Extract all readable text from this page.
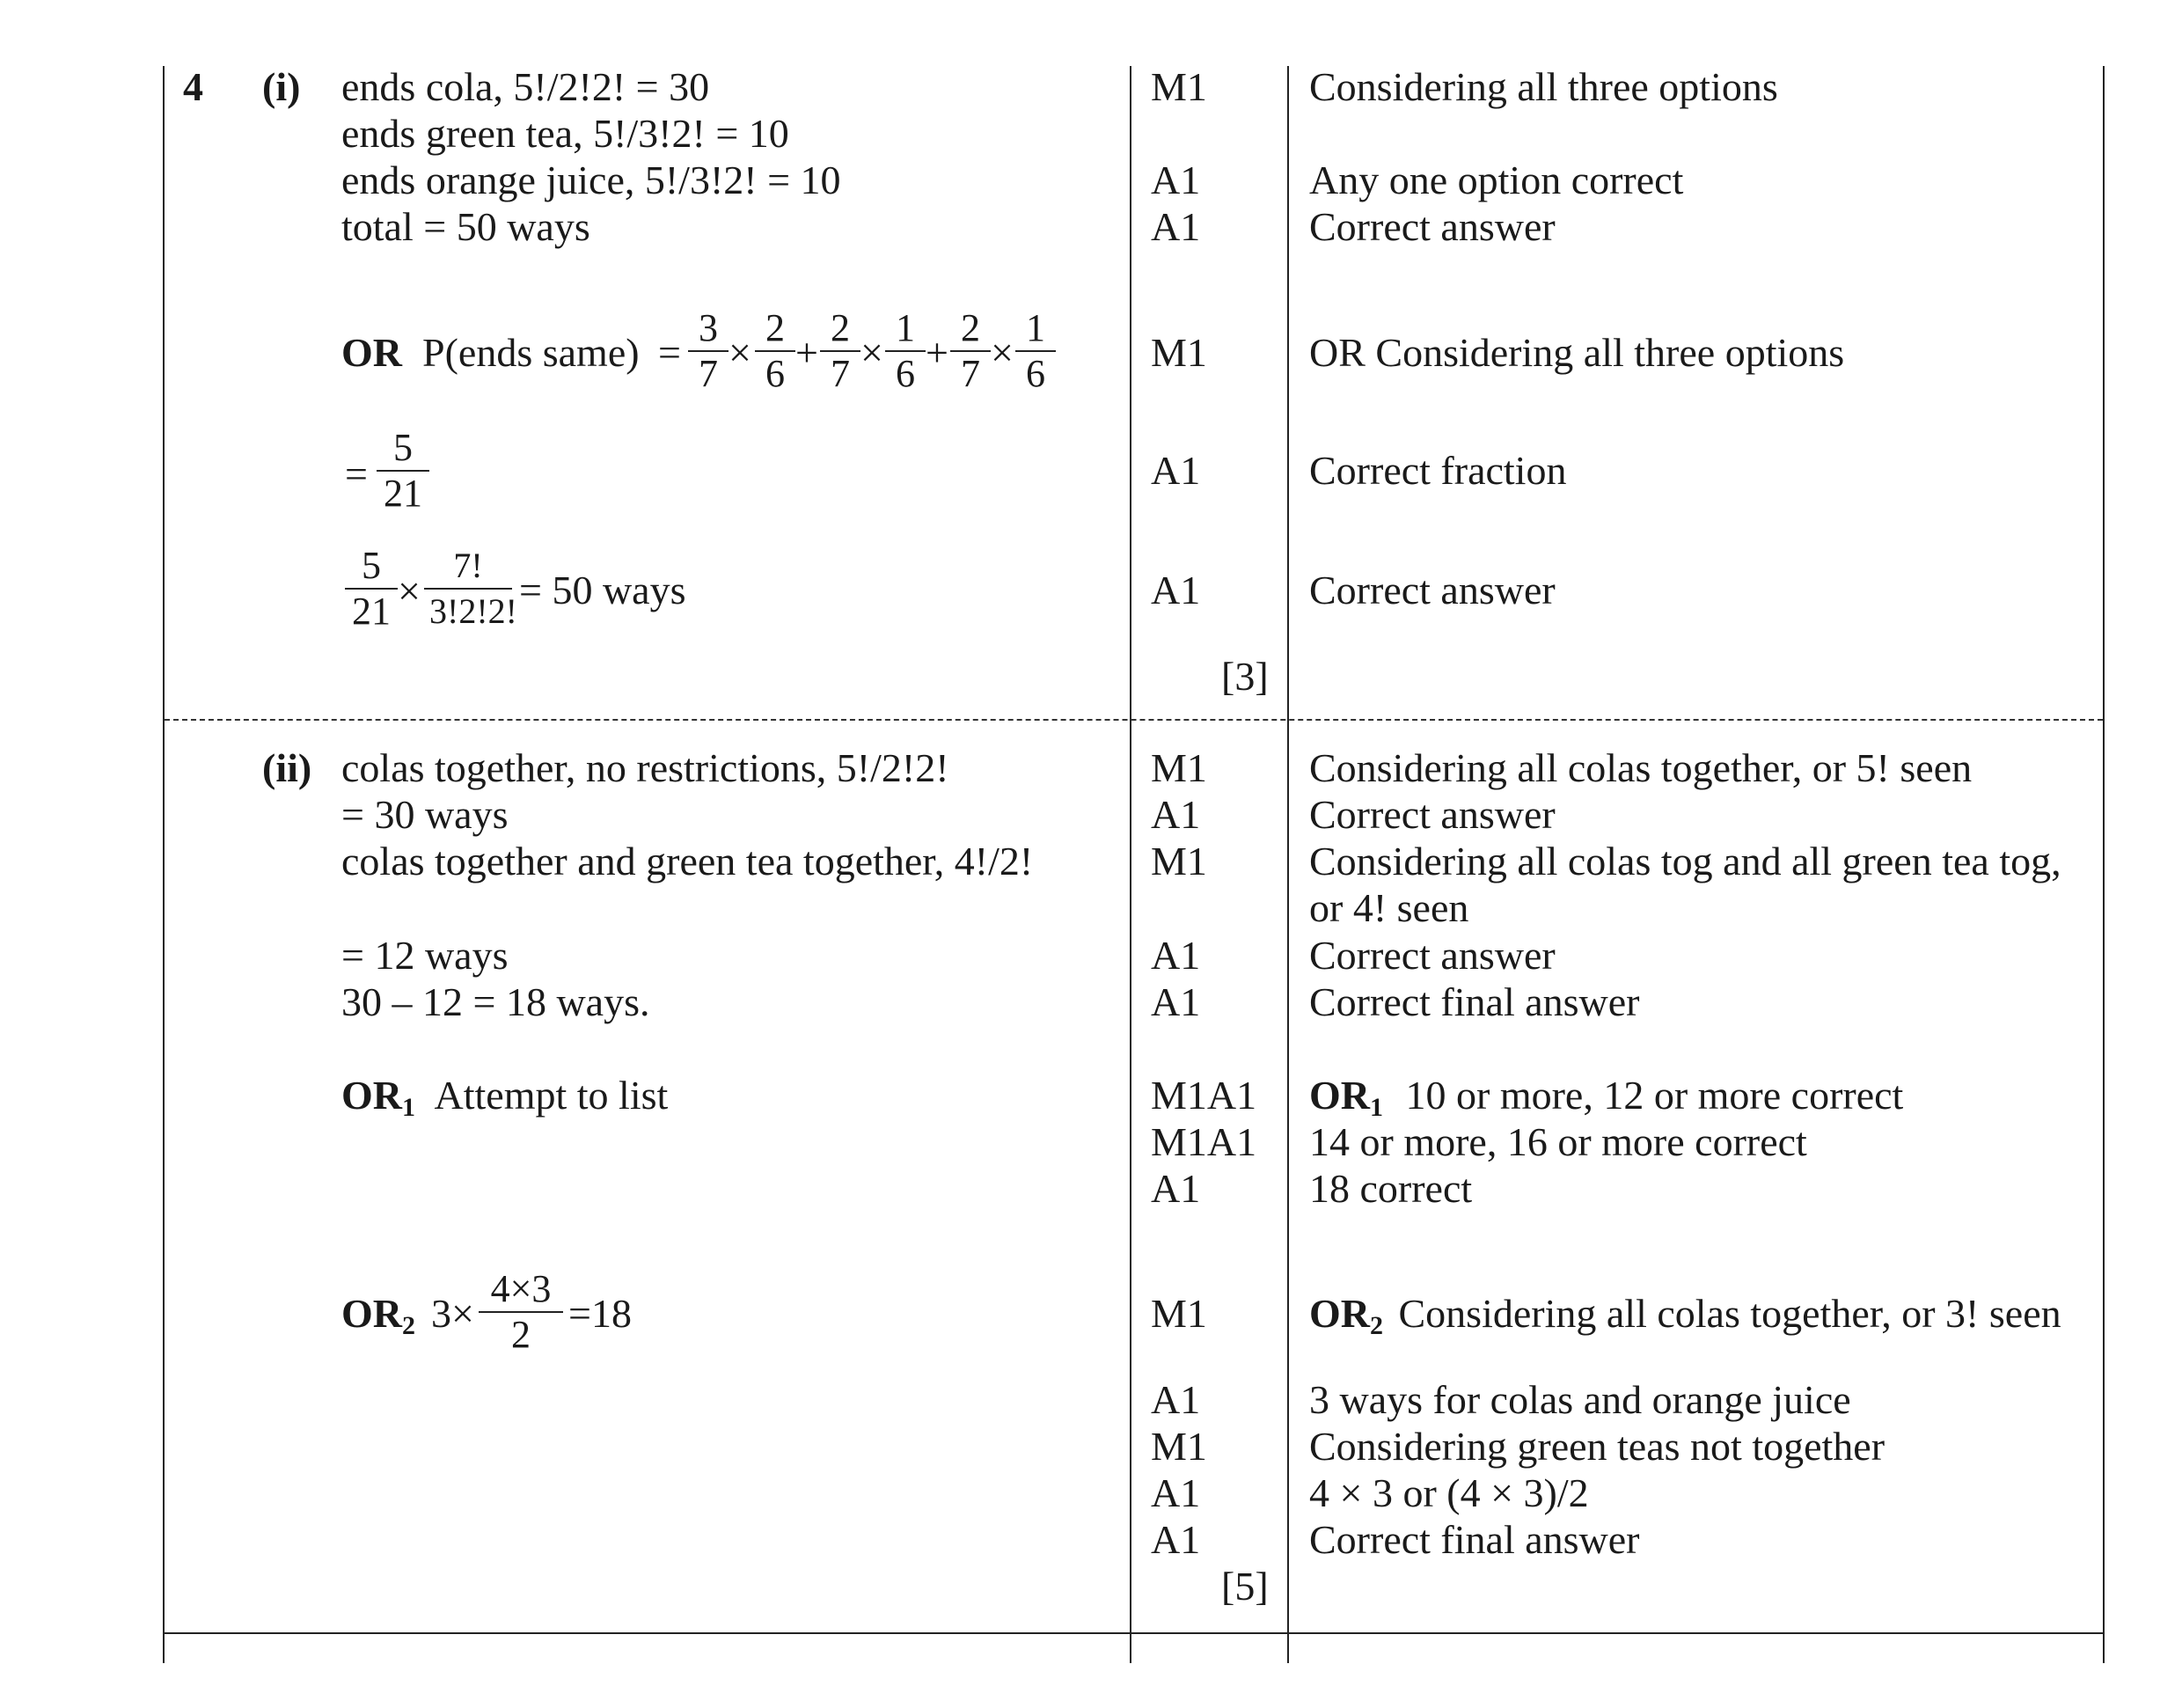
4 (i) ends cola, 5!/2!2! = 30
ends green tea, 5!/3!2! = 10
ends orange juice, 5!/3!2! = 10
total = 50 ways
OR P(ends same) = $\frac{3}{7} \times \frac{2}{6} + \frac{2}{7} \times \frac{1}{6} + \frac{2}{7} \times \frac{1}{6}$
= $\frac{5}{21}$
$\frac{5}{21} \times \frac{7!}{3!2!2!} = 50$ ways
M1
A1
A1
M1
A1
A1
[3]
Considering all three options
Any one option correct
Correct answer
OR Considering all three options
Correct fraction
Correct answer
(ii) colas together, no restrictions, 5!/2!2!
= 30 ways
colas together and green tea together, 4!/2!
= 12 ways
30 – 12 = 18 ways.
$OR_1$ Attempt to list
$OR_2$ $3\times \frac{4\times 3}{2} =18$
M1
A1
M1
A1
A1
M1A1
M1A1
A1
M1
A1
M1
A1
A1
[5]
Considering all colas together, or 5! seen
Correct answer
Considering all colas tog and all green tea tog,
or 4! seen
Correct answer
Correct final answer
$OR_1$ 10 or more, 12 or more correct
14 or more, 16 or more correct
18 correct
$OR_2$ Considering all colas together, or 3! seen
3 ways for colas and orange juice
Considering green teas not together
4 × 3 or (4 × 3)/2
Correct final answer
